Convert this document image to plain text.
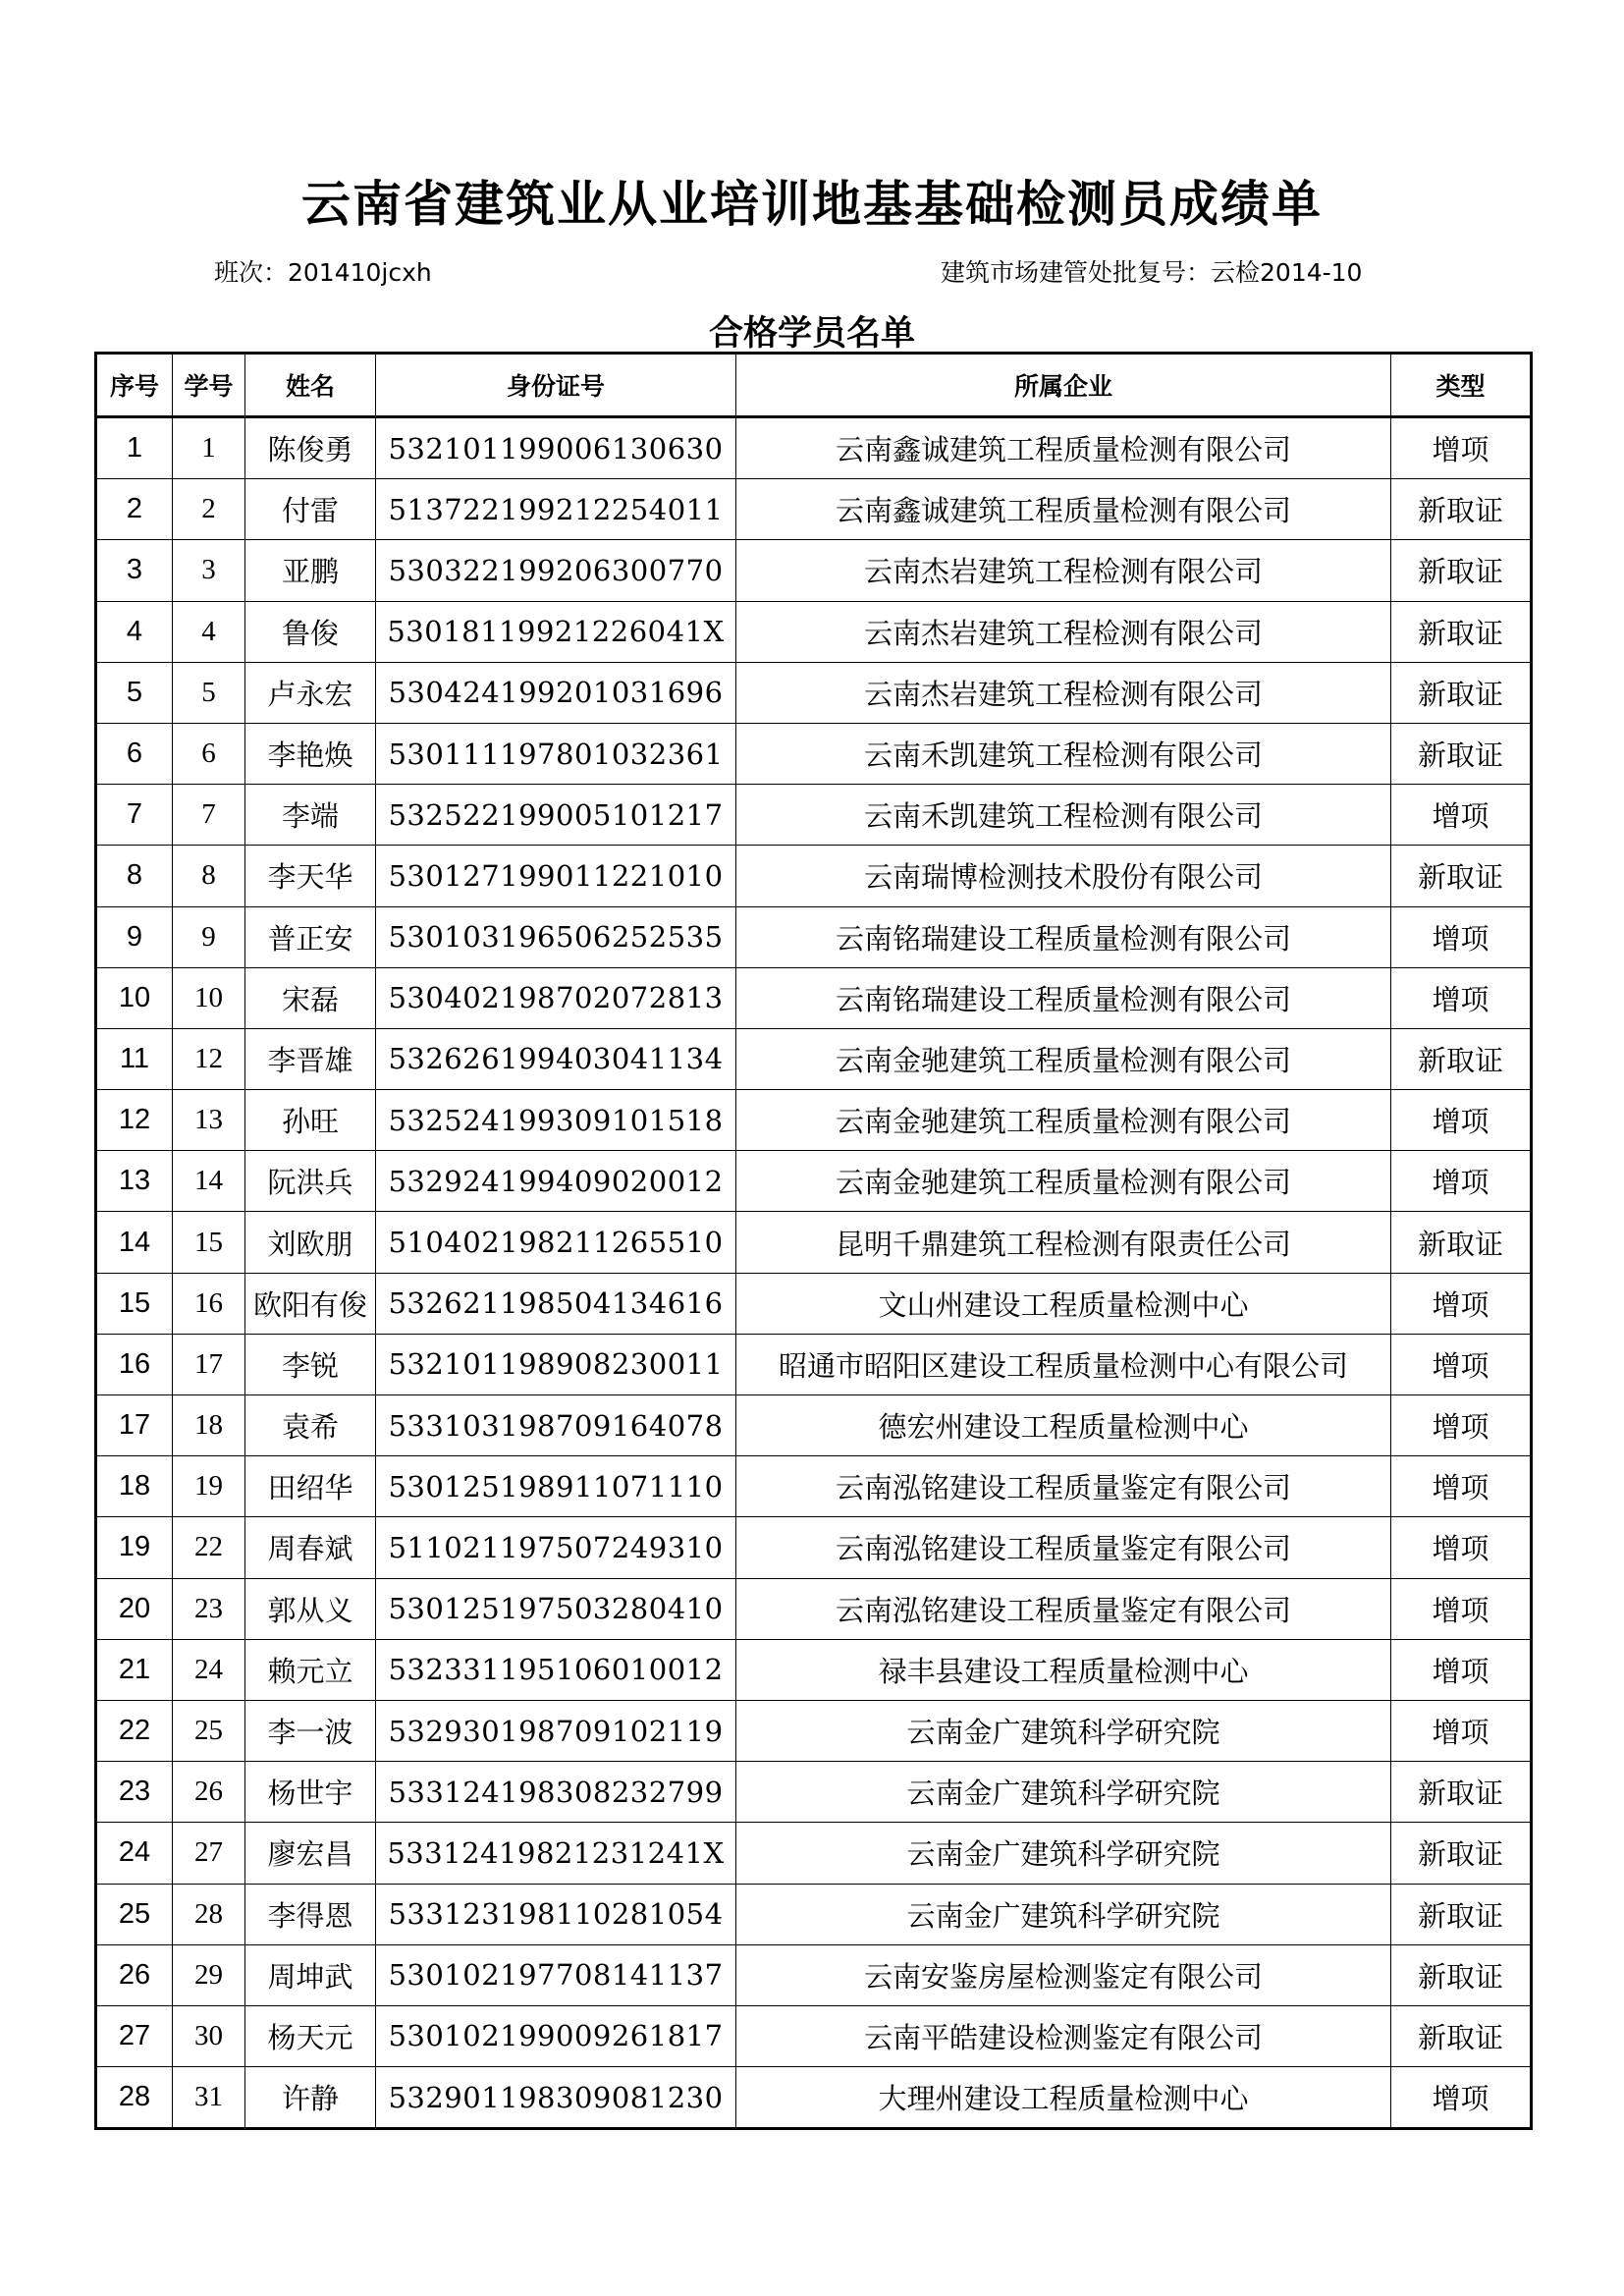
云南省建筑业从业培训地基基础检测员成绩单
班次：201410jcxh	建筑市场建管处批复号：云检2014-10
合格学员名单
序号	学号	姓名	身份证号	所属企业	类型
1	1	陈俊勇	532101199006130630	云南鑫诚建筑工程质量检测有限公司	增项
2	2	付雷	513722199212254011	云南鑫诚建筑工程质量检测有限公司	新取证
3	3	亚鹏	530322199206300770	云南杰岩建筑工程检测有限公司	新取证
4	4	鲁俊	53018119921226041X	云南杰岩建筑工程检测有限公司	新取证
5	5	卢永宏	530424199201031696	云南杰岩建筑工程检测有限公司	新取证
6	6	李艳焕	530111197801032361	云南禾凯建筑工程检测有限公司	新取证
7	7	李端	532522199005101217	云南禾凯建筑工程检测有限公司	增项
8	8	李天华	530127199011221010	云南瑞博检测技术股份有限公司	新取证
9	9	普正安	530103196506252535	云南铭瑞建设工程质量检测有限公司	增项
10	10	宋磊	530402198702072813	云南铭瑞建设工程质量检测有限公司	增项
11	12	李晋雄	532626199403041134	云南金驰建筑工程质量检测有限公司	新取证
12	13	孙旺	532524199309101518	云南金驰建筑工程质量检测有限公司	增项
13	14	阮洪兵	532924199409020012	云南金驰建筑工程质量检测有限公司	增项
14	15	刘欧朋	510402198211265510	昆明千鼎建筑工程检测有限责任公司	新取证
15	16	欧阳有俊	532621198504134616	文山州建设工程质量检测中心	增项
16	17	李锐	532101198908230011	昭通市昭阳区建设工程质量检测中心有限公司	增项
17	18	袁希	533103198709164078	德宏州建设工程质量检测中心	增项
18	19	田绍华	530125198911071110	云南泓铭建设工程质量鉴定有限公司	增项
19	22	周春斌	511021197507249310	云南泓铭建设工程质量鉴定有限公司	增项
20	23	郭从义	530125197503280410	云南泓铭建设工程质量鉴定有限公司	增项
21	24	赖元立	532331195106010012	禄丰县建设工程质量检测中心	增项
22	25	李一波	532930198709102119	云南金广建筑科学研究院	增项
23	26	杨世宇	533124198308232799	云南金广建筑科学研究院	新取证
24	27	廖宏昌	53312419821231241X	云南金广建筑科学研究院	新取证
25	28	李得恩	533123198110281054	云南金广建筑科学研究院	新取证
26	29	周坤武	530102197708141137	云南安鉴房屋检测鉴定有限公司	新取证
27	30	杨天元	530102199009261817	云南平皓建设检测鉴定有限公司	新取证
28	31	许静	532901198309081230	大理州建设工程质量检测中心	增项
